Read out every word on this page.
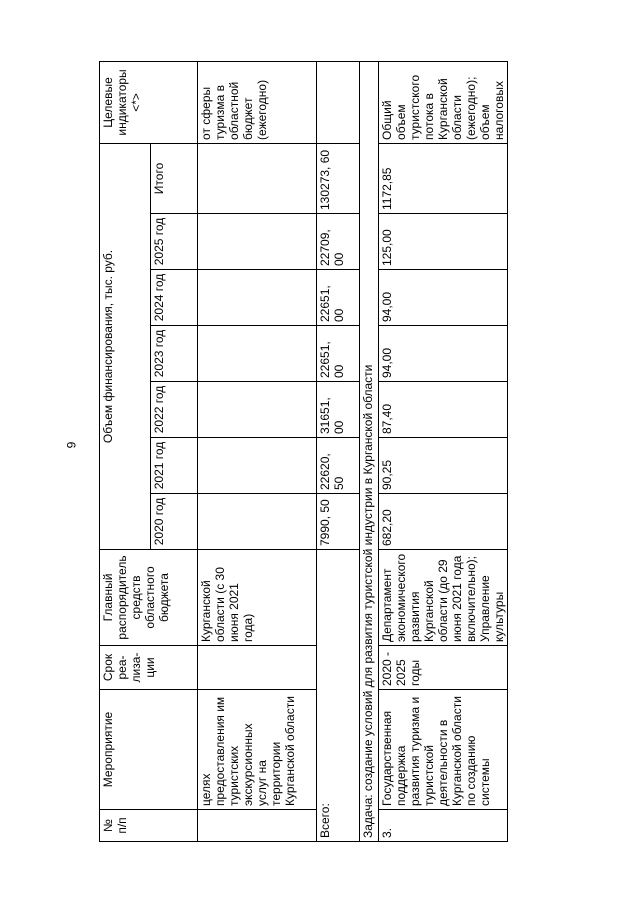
9
№ п/п	Мероприятие	Срок реа- лиза- ции	Главный распорядитель средств областного бюджета	Объем финансирования, тыс. руб.							Целевые индикаторы <*>
				2020 год	2021 год	2022 год	2023 год	2024 год	2025 год	Итого	
	целях предоставления им туристских экскурсионных услуг на территории Курганской области		Курганской области (с 30 июня 2021 года)								от сферы туризма в областной бюджет (ежегодно)
Всего:				7990, 50	22620, 50	31651, 00	22651, 00	22651, 00	22709, 00	130273, 60	
Задача: создание условий для развития туристской индустрии в Курганской области											
3.	Государственная поддержка развития туризма и туристской деятельности в Курганской области по созданию системы	2020 - 2025 годы	Департамент экономического развития Курганской области (до 29 июня 2021 года включительно); Управление культуры	682,20	90,25	87,40	94,00	94,00	125,00	1172,85	Общий объем туристского потока в Курганской области (ежегодно); объем налоговых
